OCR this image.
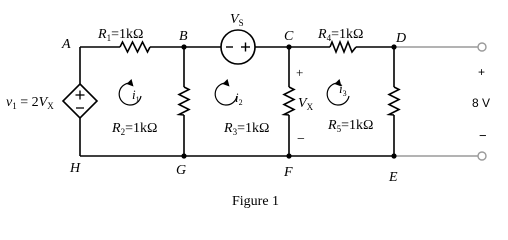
A
B	C	D
H	G	F	E
$R_1=1k\Omega$	$R_4=1k\Omega$
$R_2=1k\Omega$	$R_3=1k\Omega$	$R_5=1k\Omega$
$V_S$
$v_1 = 2V_X$
+
$V_X$
−
$i_1$	$i_2$
$i_3$
+
8 V
−
Figure 1
